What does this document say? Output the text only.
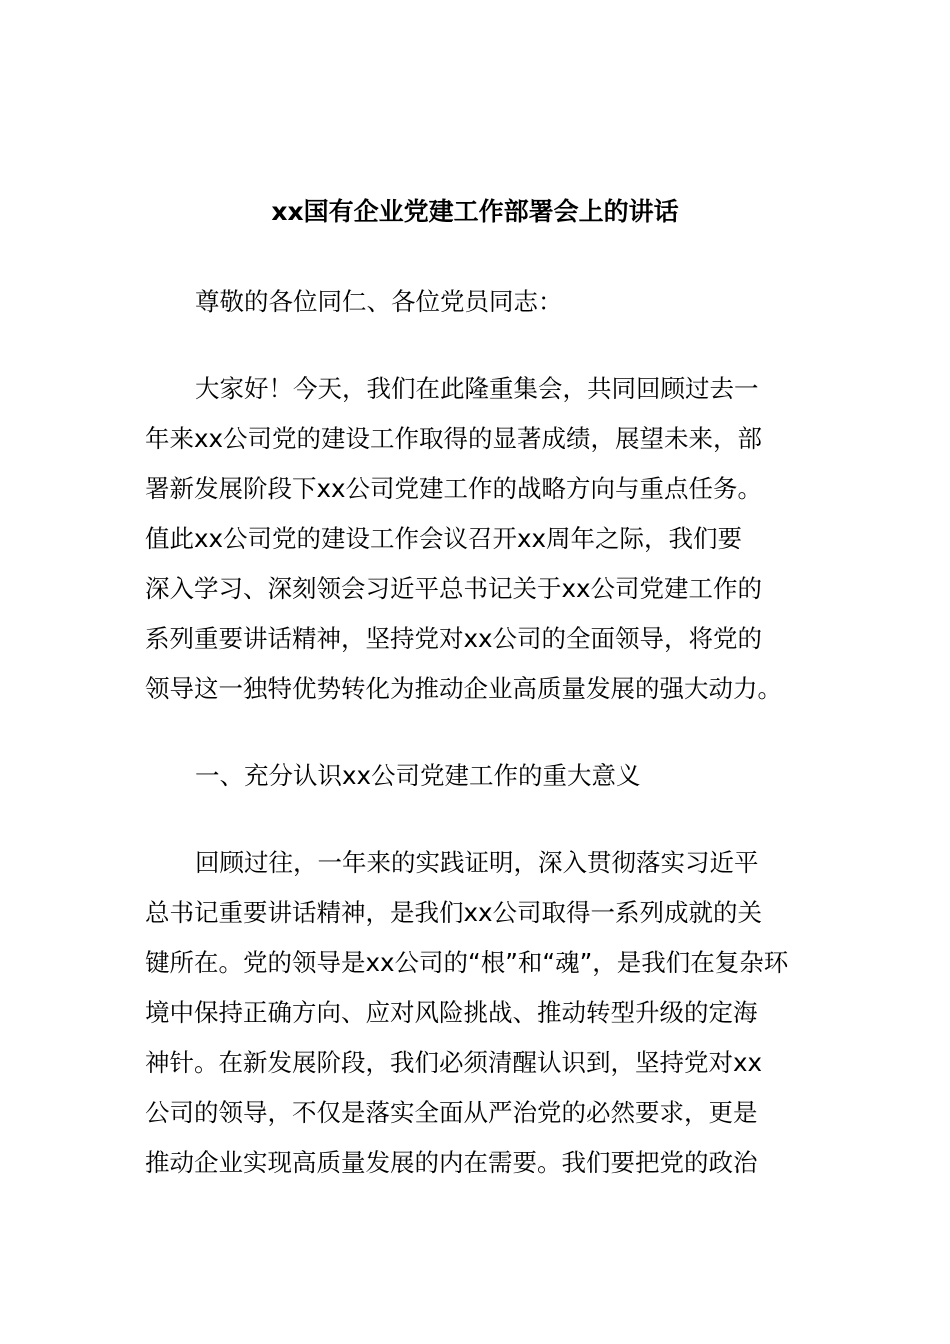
xx国有企业党建工作部署会上的讲话
尊敬的各位同仁、各位党员同志：
大家好！今天，我们在此隆重集会，共同回顾过去一
年来xx公司党的建设工作取得的显著成绩，展望未来，部
署新发展阶段下xx公司党建工作的战略方向与重点任务。
值此xx公司党的建设工作会议召开xx周年之际，我们要
深入学习、深刻领会习近平总书记关于xx公司党建工作的
系列重要讲话精神，坚持党对xx公司的全面领导，将党的
领导这一独特优势转化为推动企业高质量发展的强大动力。
一、充分认识xx公司党建工作的重大意义
回顾过往，一年来的实践证明，深入贯彻落实习近平
总书记重要讲话精神，是我们xx公司取得一系列成就的关
键所在。党的领导是xx公司的“根”和“魂”，是我们在复杂环
境中保持正确方向、应对风险挑战、推动转型升级的定海
神针。在新发展阶段，我们必须清醒认识到，坚持党对xx
公司的领导，不仅是落实全面从严治党的必然要求，更是
推动企业实现高质量发展的内在需要。我们要把党的政治
